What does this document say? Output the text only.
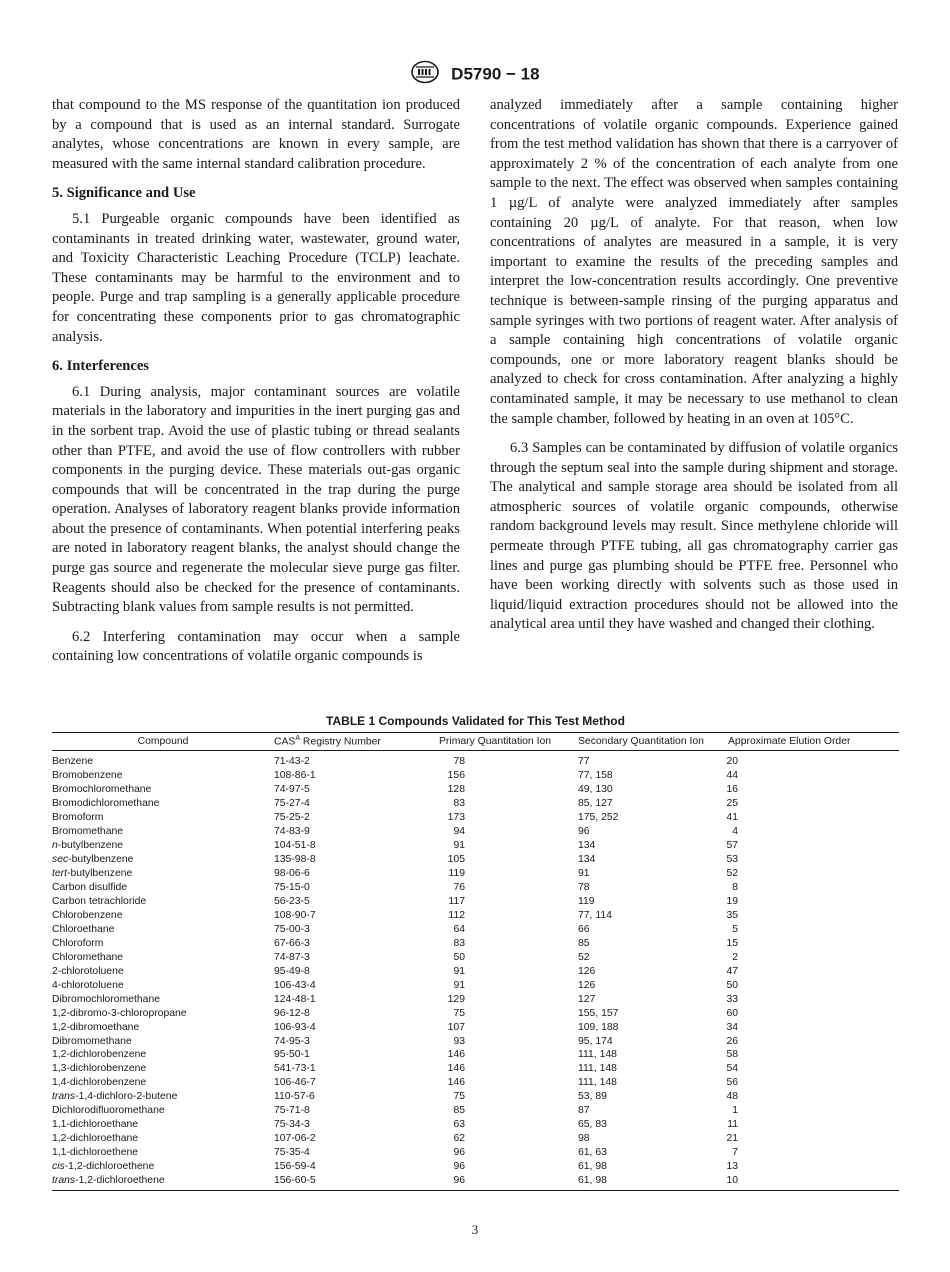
D5790 − 18

that compound to the MS response of the quantitation ion produced by a compound that is used as an internal standard. Surrogate analytes, whose concentrations are known in every sample, are measured with the same internal standard calibration procedure.

5. Significance and Use

5.1 Purgeable organic compounds have been identified as contaminants in treated drinking water, wastewater, ground water, and Toxicity Characteristic Leaching Procedure (TCLP) leachate. These contaminants may be harmful to the environment and to people. Purge and trap sampling is a generally applicable procedure for concentrating these components prior to gas chromatographic analysis.

6. Interferences

6.1 During analysis, major contaminant sources are volatile materials in the laboratory and impurities in the inert purging gas and in the sorbent trap. Avoid the use of plastic tubing or thread sealants other than PTFE, and avoid the use of flow controllers with rubber components in the purging device. These materials out-gas organic compounds that will be concentrated in the trap during the purge operation. Analyses of laboratory reagent blanks provide information about the presence of contaminants. When potential interfering peaks are noted in laboratory reagent blanks, the analyst should change the purge gas source and regenerate the molecular sieve purge gas filter. Reagents should also be checked for the presence of contaminants. Subtracting blank values from sample results is not permitted.

6.2 Interfering contamination may occur when a sample containing low concentrations of volatile organic compounds is

analyzed immediately after a sample containing higher concentrations of volatile organic compounds. Experience gained from the test method validation has shown that there is a carryover of approximately 2 % of the concentration of each analyte from one sample to the next. The effect was observed when samples containing 1 µg/L of analyte were analyzed immediately after samples containing 20 µg/L of analyte. For that reason, when low concentrations of analytes are measured in a sample, it is very important to examine the results of the preceding samples and interpret the low-concentration results accordingly. One preventive technique is between-sample rinsing of the purging apparatus and sample syringes with two portions of reagent water. After analysis of a sample containing high concentrations of volatile organic compounds, one or more laboratory reagent blanks should be analyzed to check for cross contamination. After analyzing a highly contaminated sample, it may be necessary to use methanol to clean the sample chamber, followed by heating in an oven at 105°C.

6.3 Samples can be contaminated by diffusion of volatile organics through the septum seal into the sample during shipment and storage. The analytical and sample storage area should be isolated from all atmospheric sources of volatile organic compounds, otherwise random background levels may result. Since methylene chloride will permeate through PTFE tubing, all gas chromatography carrier gas lines and purge gas plumbing should be PTFE free. Personnel who have been working directly with solvents such as those used in liquid/liquid extraction procedures should not be allowed into the analytical area until they have washed and changed their clothing.

TABLE 1 Compounds Validated for This Test Method
Compound	$CAS^A$ Registry Number	Primary Quantitation Ion	Secondary Quantitation Ion	Approximate Elution Order
Benzene	71-43-2	78	77	20
Bromobenzene	108-86-1	156	77, 158	44
Bromochloromethane	74-97-5	128	49, 130	16
Bromodichloromethane	75-27-4	83	85, 127	25
Bromoform	75-25-2	173	175, 252	41
Bromomethane	74-83-9	94	96	4
n-butylbenzene	104-51-8	91	134	57
sec-butylbenzene	135-98-8	105	134	53
tert-butylbenzene	98-06-6	119	91	52
Carbon disulfide	75-15-0	76	78	8
Carbon tetrachloride	56-23-5	117	119	19
Chlorobenzene	108-90-7	112	77, 114	35
Chloroethane	75-00-3	64	66	5
Chloroform	67-66-3	83	85	15
Chloromethane	74-87-3	50	52	2
2-chlorotoluene	95-49-8	91	126	47
4-chlorotoluene	106-43-4	91	126	50
Dibromochloromethane	124-48-1	129	127	33
1,2-dibromo-3-chloropropane	96-12-8	75	155, 157	60
1,2-dibromoethane	106-93-4	107	109, 188	34
Dibromomethane	74-95-3	93	95, 174	26
1,2-dichlorobenzene	95-50-1	146	111, 148	58
1,3-dichlorobenzene	541-73-1	146	111, 148	54
1,4-dichlorobenzene	106-46-7	146	111, 148	56
trans-1,4-dichloro-2-butene	110-57-6	75	53, 89	48
Dichlorodifluoromethane	75-71-8	85	87	1
1,1-dichloroethane	75-34-3	63	65, 83	11
1,2-dichloroethane	107-06-2	62	98	21
1,1-dichloroethene	75-35-4	96	61, 63	7
cis-1,2-dichloroethene	156-59-4	96	61, 98	13
trans-1,2-dichloroethene	156-60-5	96	61, 98	10
3
